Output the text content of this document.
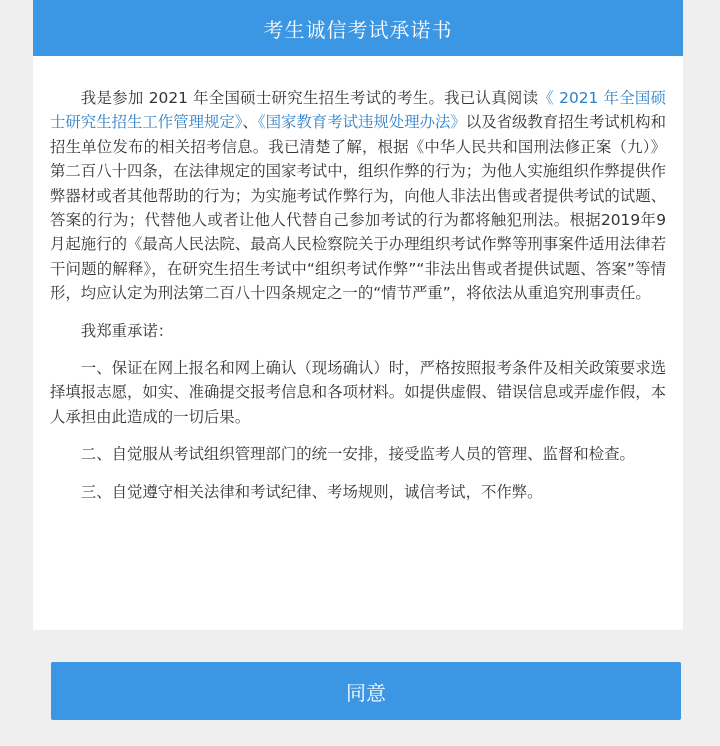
考生诚信考试承诺书

我是参加 2021 年全国硕士研究生招生考试的考生。我已认真阅读《 2021 年全国硕士研究生招生工作管理规定》、《国家教育考试违规处理办法》以及省级教育招生考试机构和招生单位发布的相关招考信息。我已清楚了解，根据《中华人民共和国刑法修正案（九）》第二百八十四条，在法律规定的国家考试中，组织作弊的行为；为他人实施组织作弊提供作弊器材或者其他帮助的行为；为实施考试作弊行为，向他人非法出售或者提供考试的试题、答案的行为；代替他人或者让他人代替自己参加考试的行为都将触犯刑法。根据2019年9月起施行的《最高人民法院、最高人民检察院关于办理组织考试作弊等刑事案件适用法律若干问题的解释》，在研究生招生考试中“组织考试作弊”“非法出售或者提供试题、答案”等情形，均应认定为刑法第二百八十四条规定之一的“情节严重”，将依法从重追究刑事责任。

我郑重承诺：

一、保证在网上报名和网上确认（现场确认）时，严格按照报考条件及相关政策要求选择填报志愿，如实、准确提交报考信息和各项材料。如提供虚假、错误信息或弄虚作假，本人承担由此造成的一切后果。

二、自觉服从考试组织管理部门的统一安排，接受监考人员的管理、监督和检查。

三、自觉遵守相关法律和考试纪律、考场规则，诚信考试，不作弊。

同意
